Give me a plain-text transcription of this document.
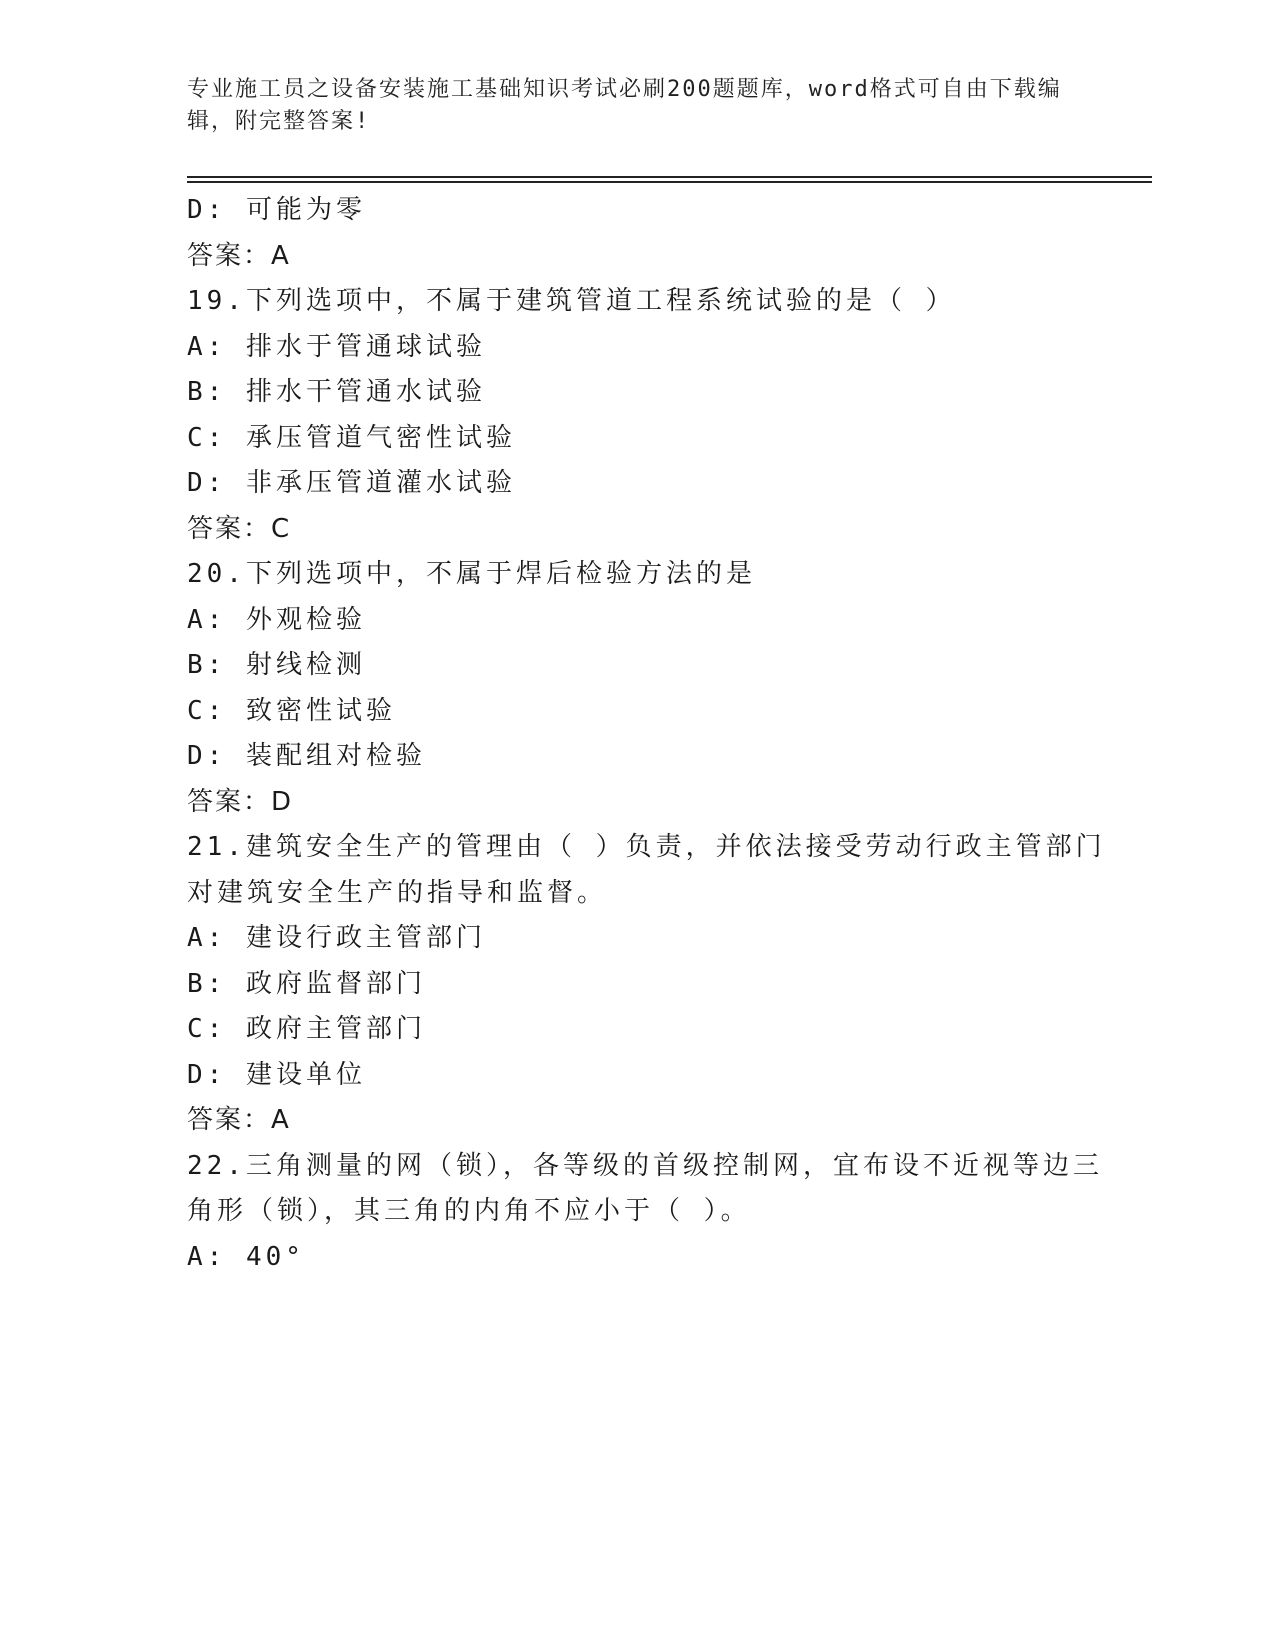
专业施工员之设备安装施工基础知识考试必刷200题题库，word格式可自由下载编辑，附完整答案!
D: 可能为零
答案：A
19.下列选项中，不属于建筑管道工程系统试验的是（ ）
A: 排水于管通球试验
B: 排水干管通水试验
C: 承压管道气密性试验
D: 非承压管道灌水试验
答案：C
20.下列选项中，不属于焊后检验方法的是
A: 外观检验
B: 射线检测
C: 致密性试验
D: 装配组对检验
答案：D
21.建筑安全生产的管理由（ ）负责，并依法接受劳动行政主管部门
对建筑安全生产的指导和监督。
A: 建设行政主管部门
B: 政府监督部门
C: 政府主管部门
D: 建设单位
答案：A
22.三角测量的网（锁），各等级的首级控制网，宜布设不近视等边三
角形（锁），其三角的内角不应小于（ ）。
A: 40°
